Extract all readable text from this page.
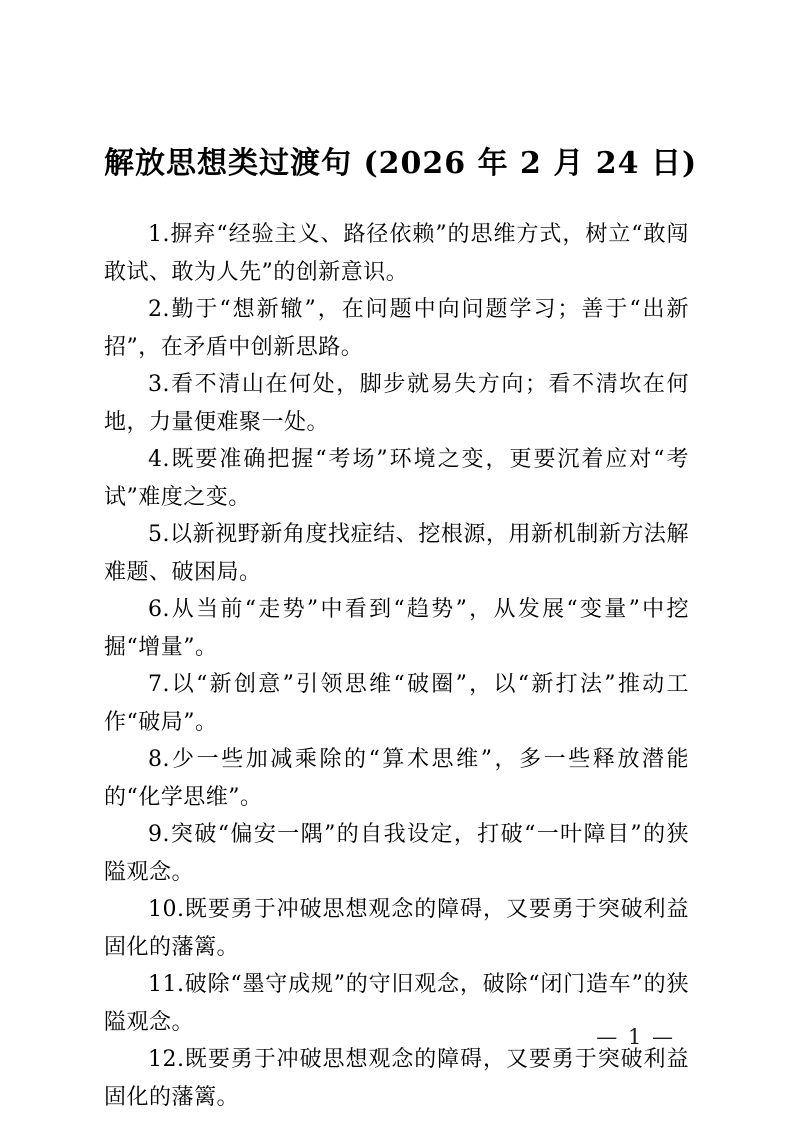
解放思想类过渡句 (2026 年 2 月 24 日)

1.摒弃“经验主义、路径依赖”的思维方式，树立“敢闯敢试、敢为人先”的创新意识。

2.勤于“想新辙”，在问题中向问题学习；善于“出新招”，在矛盾中创新思路。

3.看不清山在何处，脚步就易失方向；看不清坎在何地，力量便难聚一处。

4.既要准确把握“考场”环境之变，更要沉着应对“考试”难度之变。

5.以新视野新角度找症结、挖根源，用新机制新方法解难题、破困局。

6.从当前“走势”中看到“趋势”，从发展“变量”中挖掘“增量”。

7.以“新创意”引领思维“破圈”，以“新打法”推动工作“破局”。

8.少一些加减乘除的“算术思维”，多一些释放潜能的“化学思维”。

9.突破“偏安一隅”的自我设定，打破“一叶障目”的狭隘观念。

10.既要勇于冲破思想观念的障碍，又要勇于突破利益固化的藩篱。

11.破除“墨守成规”的守旧观念，破除“闭门造车”的狭隘观念。

12.既要勇于冲破思想观念的障碍，又要勇于突破利益固化的藩篱。

— 1 —
